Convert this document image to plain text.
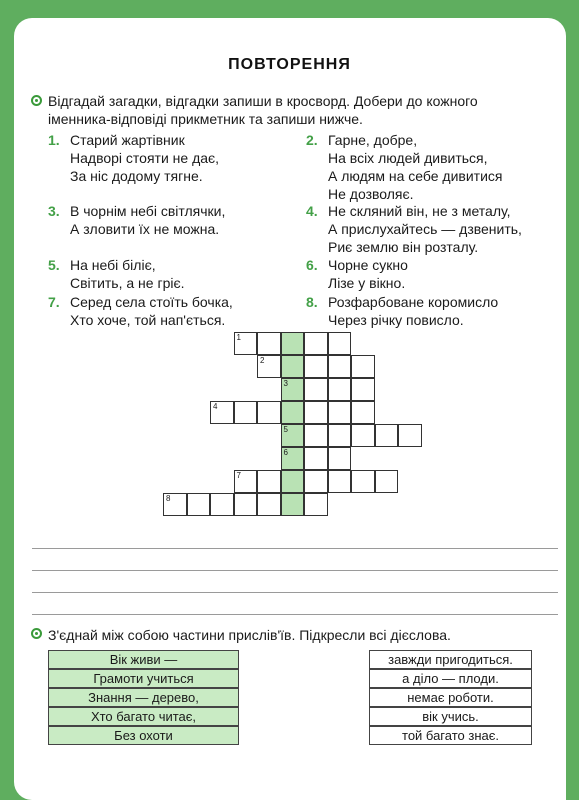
ПОВТОРЕННЯ
Відгадай загадки, відгадки запиши в кросворд. Добери до кожного
іменника-відповіді прикметник та запиши нижче.
1. Старий жартівник
Надворі стояти не дає,
За ніс додому тягне.
2. Гарне, добре,
На всіх людей дивиться,
А людям на себе дивитися
Не дозволяє.
3. В чорнім небі світлячки,
А зловити їх не можна.
4. Не скляний він, не з металу,
А прислухайтесь — дзвенить,
Риє землю він розталу.
5. На небі біліє,
Світить, а не гріє.
6. Чорне сукно
Лізе у вікно.
7. Серед села стоїть бочка,
Хто хоче, той нап'ється.
8. Розфарбоване коромисло
Через річку повисло.
1
2
3
4
5
6
7
8
З'єднай між собою частини прислів'їв. Підкресли всі дієслова.
Вік живи —
Грамоти учиться
Знання — дерево,
Хто багато читає,
Без охоти
завжди пригодиться.
а діло — плоди.
немає роботи.
вік учись.
той багато знає.
52
